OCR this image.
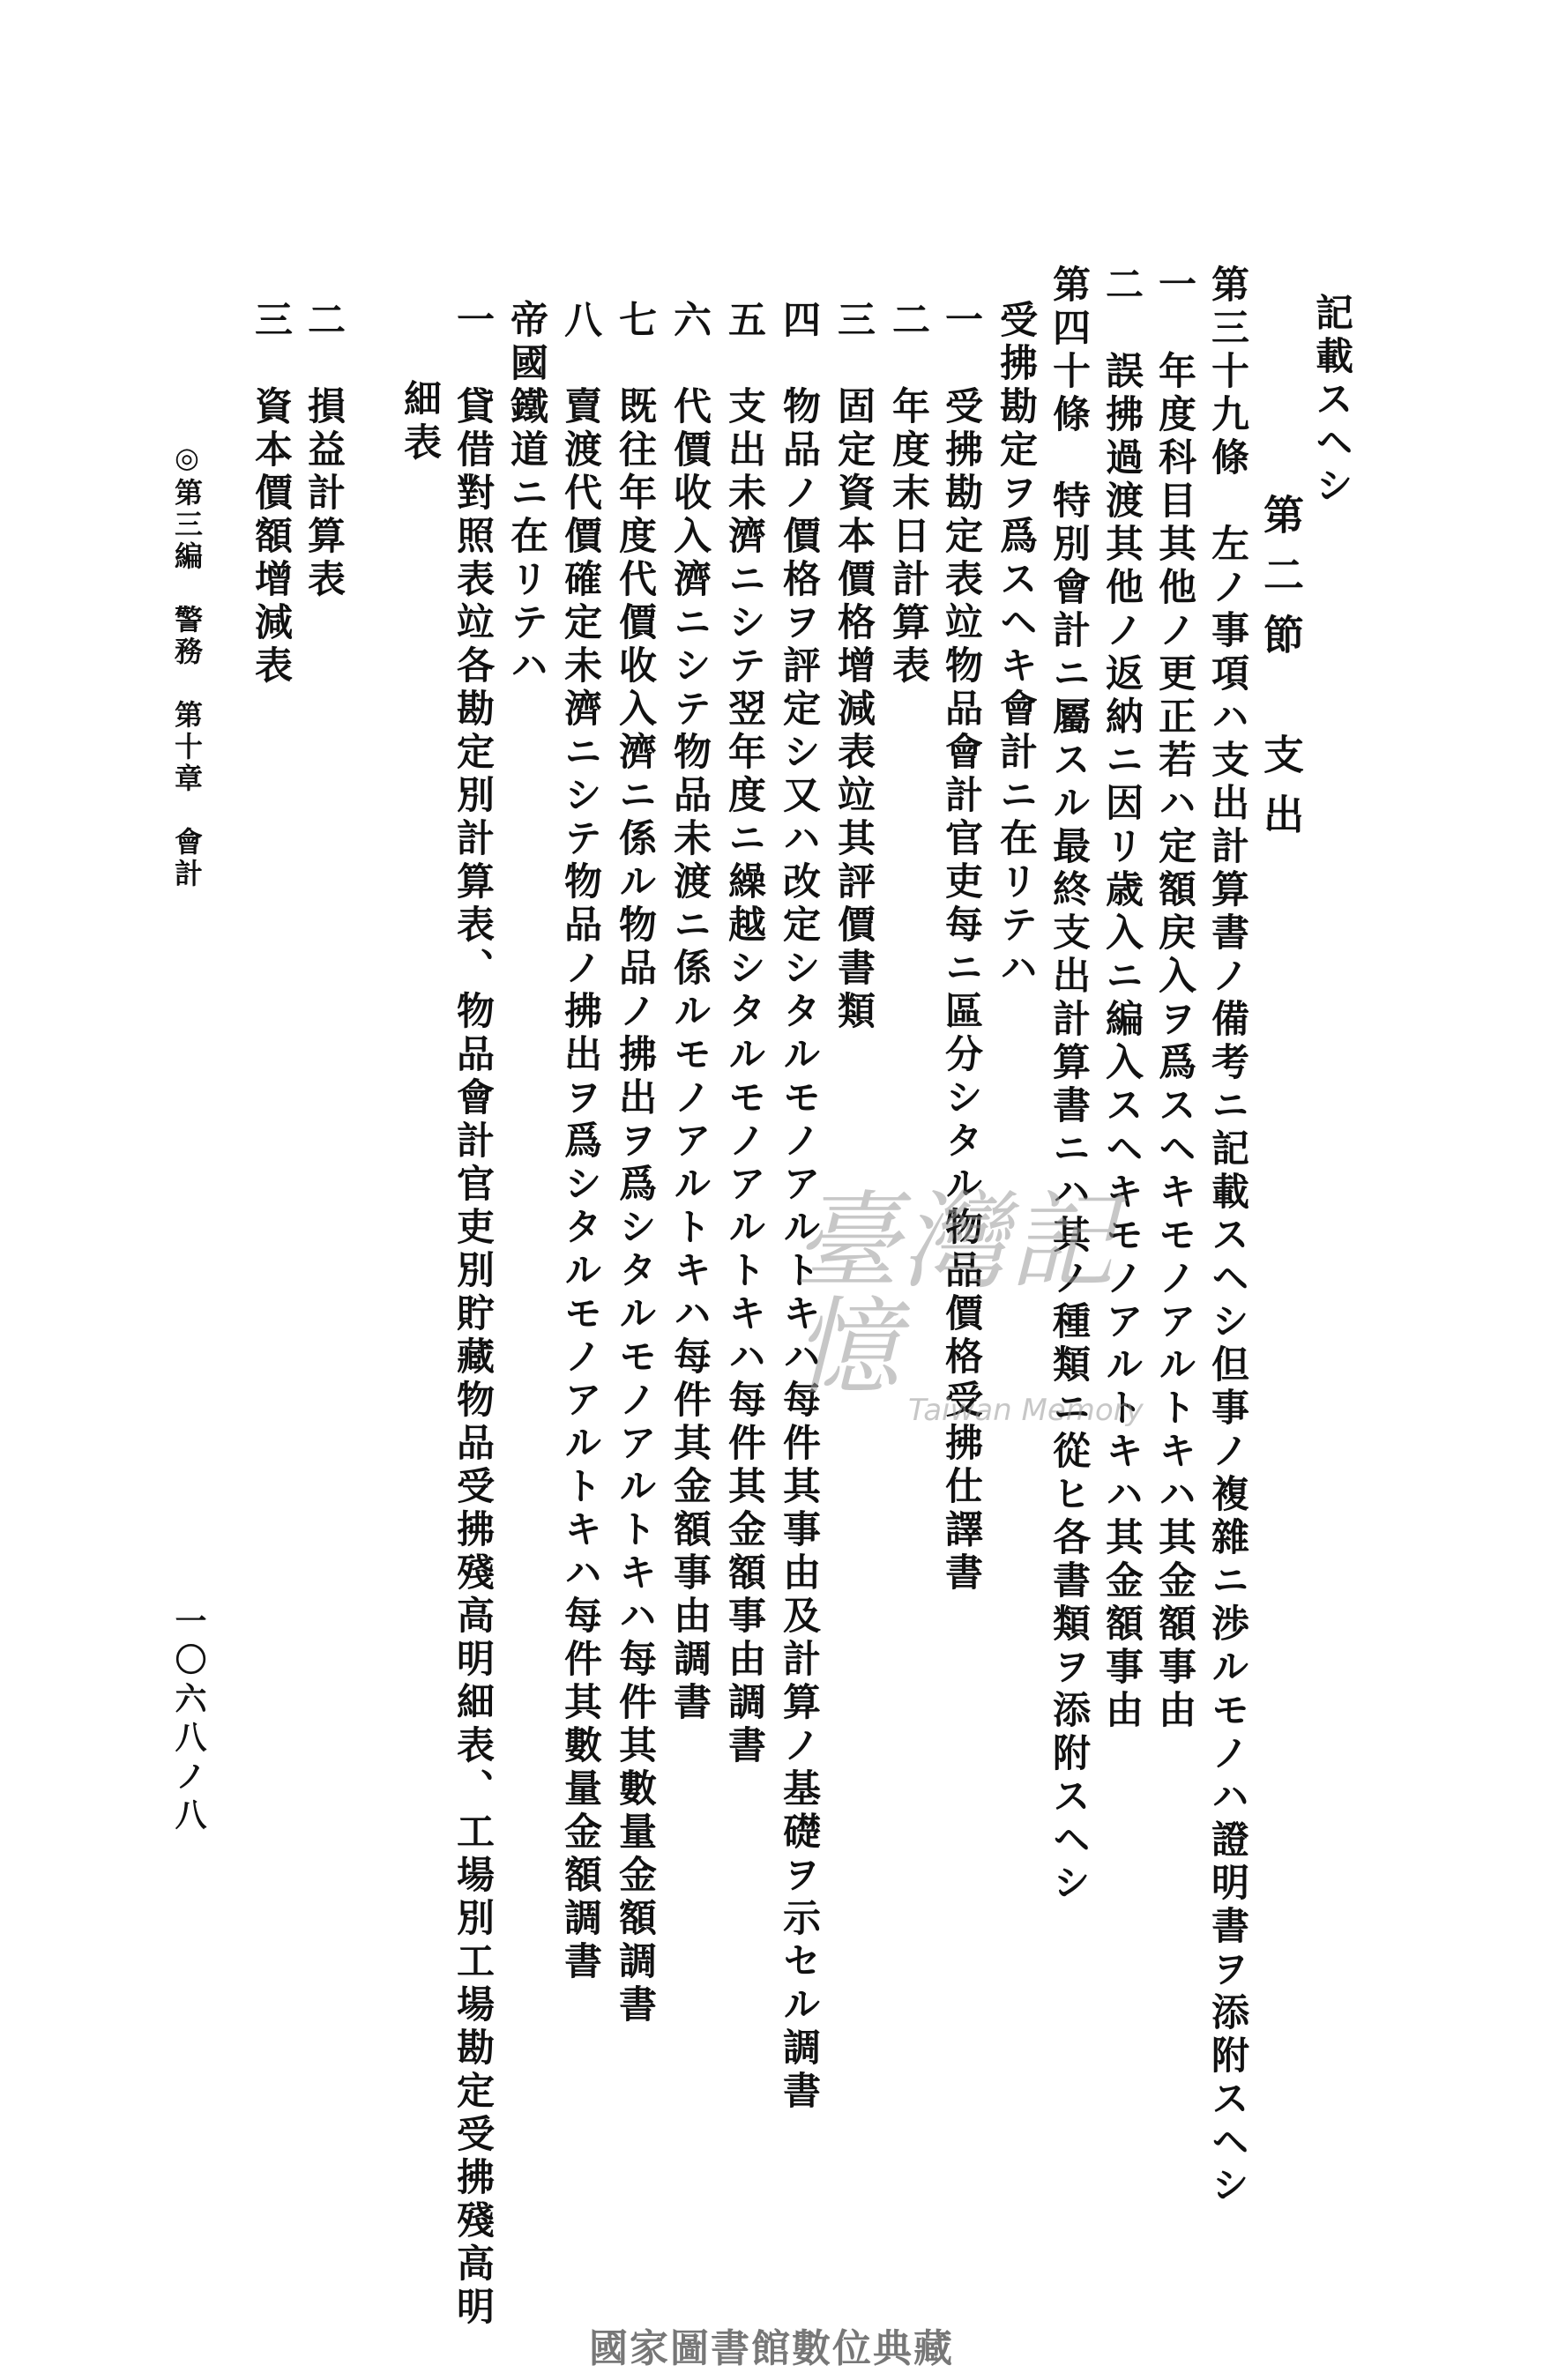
記載スヘシ
第二節　支出
第三十九條　左ノ事項ハ支出計算書ノ備考ニ記載スヘシ但事ノ複雜ニ渉ルモノハ證明書ヲ添附スヘシ
一　年度科目其他ノ更正若ハ定額戻入ヲ爲スヘキモノアルトキハ其金額事由
二　誤拂過渡其他ノ返納ニ因リ歳入ニ編入スヘキモノアルトキハ其金額事由
第四十條　特別會計ニ屬スル最終支出計算書ニハ其ノ種類ニ從ヒ各書類ヲ添附スヘシ
受拂勘定ヲ爲スヘキ會計ニ在リテハ
一　受拂勘定表竝物品會計官吏每ニ區分シタル物品價格受拂仕譯書
二　年度末日計算表
三　固定資本價格增減表竝其評價書類
四　物品ノ價格ヲ評定シ又ハ改定シタルモノアルトキハ每件其事由及計算ノ基礎ヲ示セル調書
五　支出未濟ニシテ翌年度ニ繰越シタルモノアルトキハ每件其金額事由調書
六　代價收入濟ニシテ物品未渡ニ係ルモノアルトキハ每件其金額事由調書
七　既往年度代價收入濟ニ係ル物品ノ拂出ヲ爲シタルモノアルトキハ每件其數量金額調書
八　賣渡代價確定未濟ニシテ物品ノ拂出ヲ爲シタルモノアルトキハ每件其數量金額調書
帝國鐵道ニ在リテハ
一　貸借對照表竝各勘定別計算表、物品會計官吏別貯藏物品受拂殘高明細表、工場別工場勘定受拂殘高明
細表
二　損益計算表
三　資本價額增減表
◎第三編　警務　第十章　會計
一〇六八ノ八
臺灣記憶
Taiwan Memory
國家圖書館數位典藏
